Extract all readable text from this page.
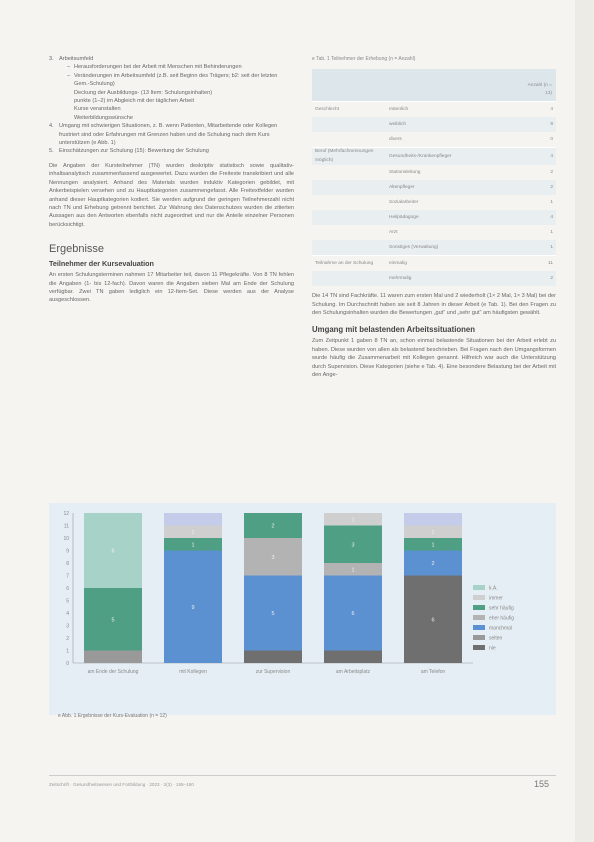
3. Arbeitsumfeld
– Herausforderungen bei der Arbeit mit Menschen mit Behinderungen
– Veränderungen im Arbeitsumfeld (z.B. seit Beginn des Trägers; b2: seit der letzten Gem.-Schulung)
Deckung der Ausbildungs- (13 Item: Schulungsinhalten)
punkte (1–2) im Abgleich mit der täglichen Arbeit
Kurse veranstalten
Weiterbildungswünsche
4. Umgang mit schwierigen Situationen, z. B. wenn Patienten, Mitarbeitende oder Kollegen frustriert sind oder Erfahrungen mit Grenzen haben und die Schulung nach dem Kurs unterstützen (e Abb. 1)
5. Einschätzungen zur Schulung (15): Bewertung der Schulung

Die Angaben der Kursteilnehmer (TN) wurden deskriptiv statistisch sowie qualitativ-inhaltsanalytisch zusammenfassend ausgewertet. Dazu wurden die Freitexte transkribiert und alle Nennungen analysiert. Anhand des Materials wurden induktiv Kategorien gebildet, mit Ankerbeispielen versehen und zu Hauptkategorien zusammengefasst. Alle Freitextfelder wurden anhand dieser Hauptkategorien kodiert. Sie werden aufgrund der geringen Teilnehmerzahl nicht nach TN und Erhebung getrennt berichtet. Zur Wahrung des Datenschutzes wurden die zitierten Aussagen aus den Antworten ebenfalls nicht zugeordnet und nur die Anteile einzelner Personen berücksichtigt.

Ergebnisse
Teilnehmer der Kursevaluation

An ersten Schulungsterminen nahmen 17 Mitarbeiter teil, davon 11 Pflegekräfte. Von 8 TN fehlen die Angaben (1- bis 12-fach). Davon waren die Angaben sieben Mal am Ende der Schulung verfügbar. Zwei TN gaben lediglich ein 12-Item-Set. Diese werden aus der Analyse ausgeschlossen.

e Tab. 1 Teilnehmer der Erhebung (n = Anzahl)
		Anzahl (n = 13)
Geschlecht	männlich	4
	weiblich	9
	divers	0
Beruf (Mehrfachnennungen möglich)	Gesundheits-/Krankenpfleger	4
	Stationsleitung	2
	Altenpfleger	2
	Sozialarbeiter	1
	Heilpädagoge	4
	Arzt	1
	Sonstiges (Verwaltung)	1
Teilnahme an der Schulung	einmalig	11
	mehrmalig	2

Die 14 TN sind Fachkräfte. 11 waren zum ersten Mal und 2 wiederholt (1× 2 Mal, 1× 3 Mal) bei der Schulung. Im Durchschnitt haben sie seit 8 Jahren in dieser Arbeit (e Tab. 1). Bei den Fragen zu den Schulungsinhalten wurden die Bewertungen „gut“ und „sehr gut“ am häufigsten gewählt.

Umgang mit belastenden Arbeitssituationen

Zum Zeitpunkt 1 gaben 8 TN an, schon einmal belastende Situationen bei der Arbeit erlebt zu haben. Diese wurden von allen als belastend beschrieben. Bei Fragen nach den Umgangsformen wurde häufig die Zusammenarbeit mit Kollegen genannt. Hilfreich war auch die Unterstützung durch Supervision. Diese Kategorien (siehe e Tab. 4). Eine besondere Belastung bei der Arbeit mit den Ange-

0
1
2
3
4
5
6
7
8
9
10
11
12
5
6
am Ende der Schulung
9
1
1
mit Kollegen
5
3
2
zur Supervision
6
1
3
1
am Arbeitsplatz
6
2
1
1
am Telefon
k.A.
immer
sehr häufig
eher häufig
manchmal
selten
nie
e Abb. 1 Ergebnisse der Kurs-Evaluation (n = 12)
Zeitschrift · Gesundheitswesen und Fortbildung · 2023 · 2(3) · 155–160	155
